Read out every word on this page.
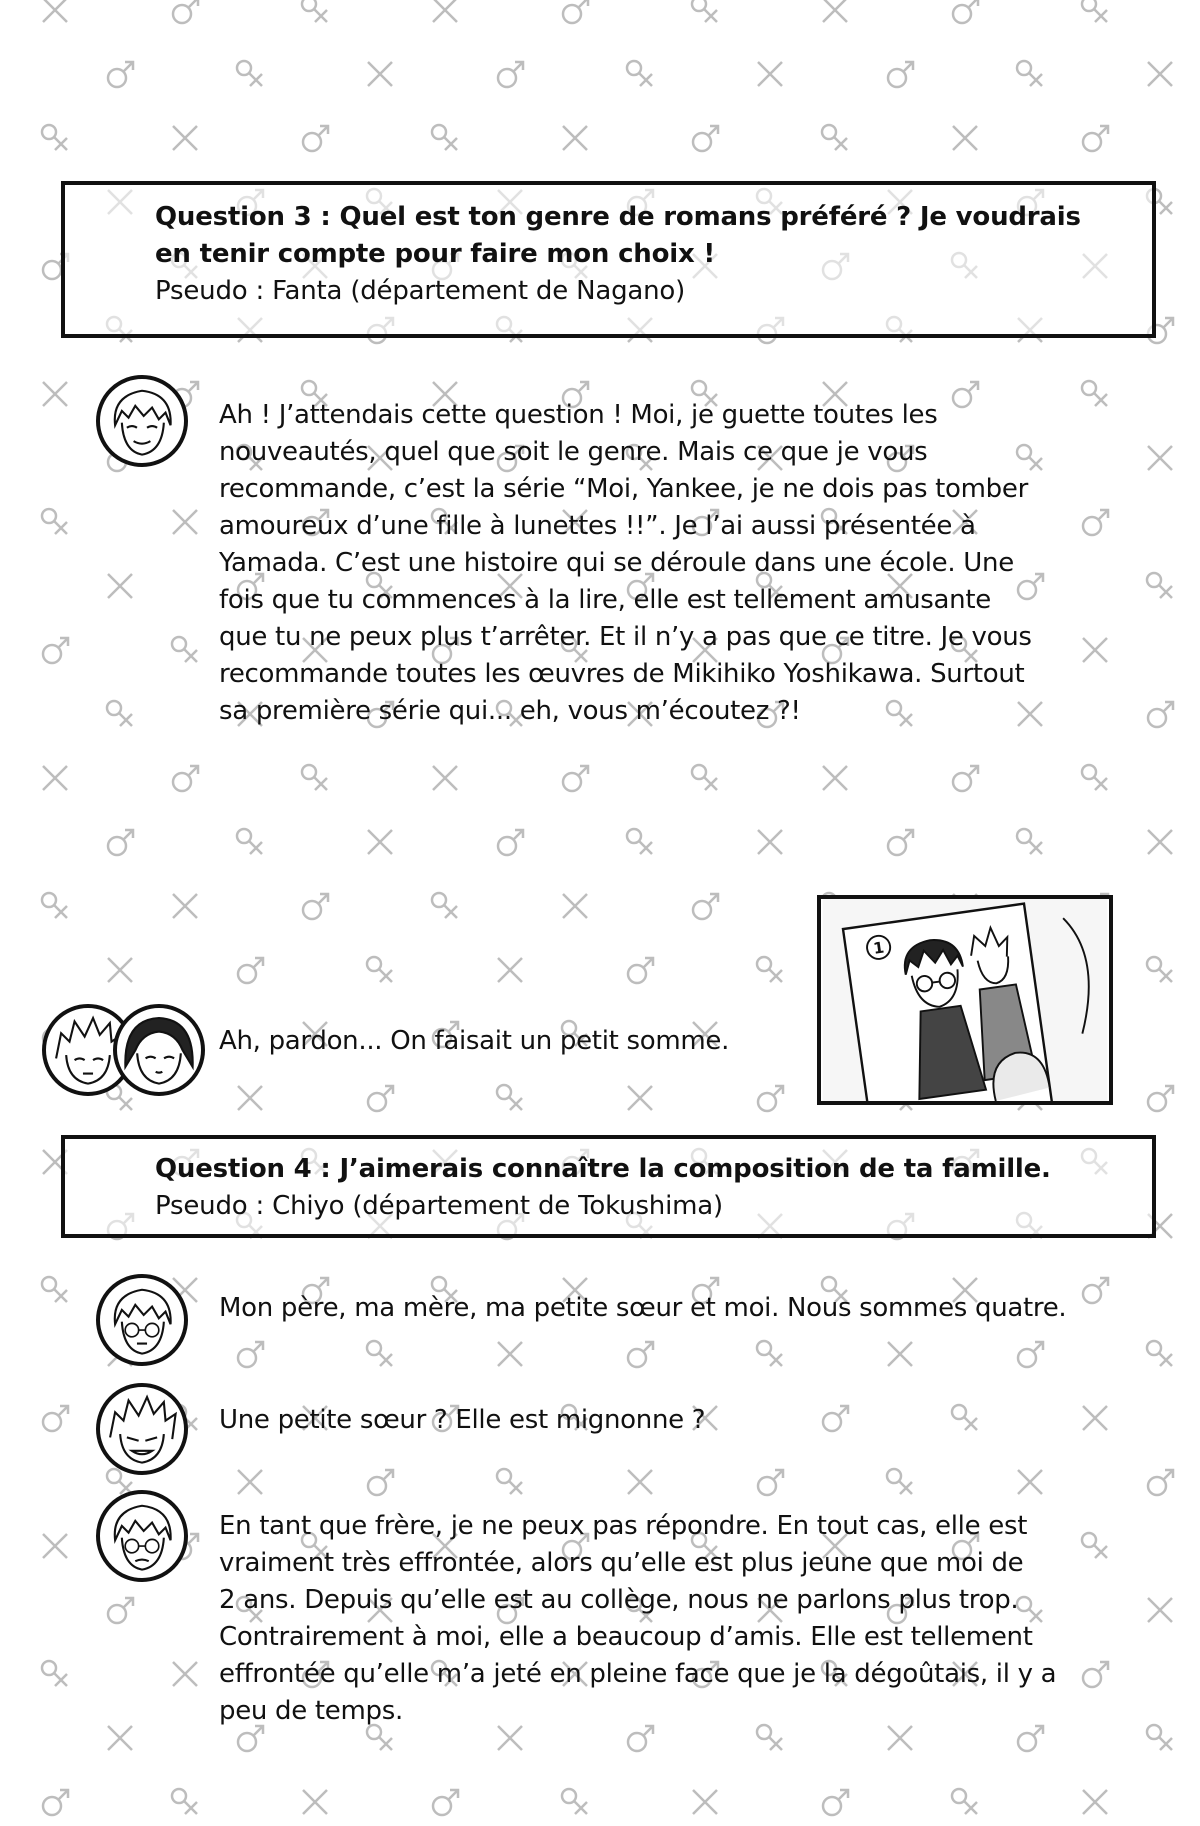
Question 3 : Quel est ton genre de romans préféré ? Je voudrais
en tenir compte pour faire mon choix !
Pseudo : Fanta (département de Nagano)
Ah ! J’attendais cette question ! Moi, je guette toutes les
nouveautés, quel que soit le genre. Mais ce que je vous
recommande, c’est la série “Moi, Yankee, je ne dois pas tomber
amoureux d’une fille à lunettes !!”. Je l’ai aussi présentée à
Yamada. C’est une histoire qui se déroule dans une école. Une
fois que tu commences à la lire, elle est tellement amusante
que tu ne peux plus t’arrêter. Et il n’y a pas que ce titre. Je vous
recommande toutes les œuvres de Mikihiko Yoshikawa. Surtout
sa première série qui... eh, vous m’écoutez ?!
Ah, pardon... On faisait un petit somme.
1
Question 4 : J’aimerais connaître la composition de ta famille.
Pseudo : Chiyo (département de Tokushima)
Mon père, ma mère, ma petite sœur et moi. Nous sommes quatre.
Une petite sœur ? Elle est mignonne ?
En tant que frère, je ne peux pas répondre. En tout cas, elle est
vraiment très effrontée, alors qu’elle est plus jeune que moi de
2 ans. Depuis qu’elle est au collège, nous ne parlons plus trop.
Contrairement à moi, elle a beaucoup d’amis. Elle est tellement
effrontée qu’elle m’a jeté en pleine face que je la dégoûtais, il y a
peu de temps.
